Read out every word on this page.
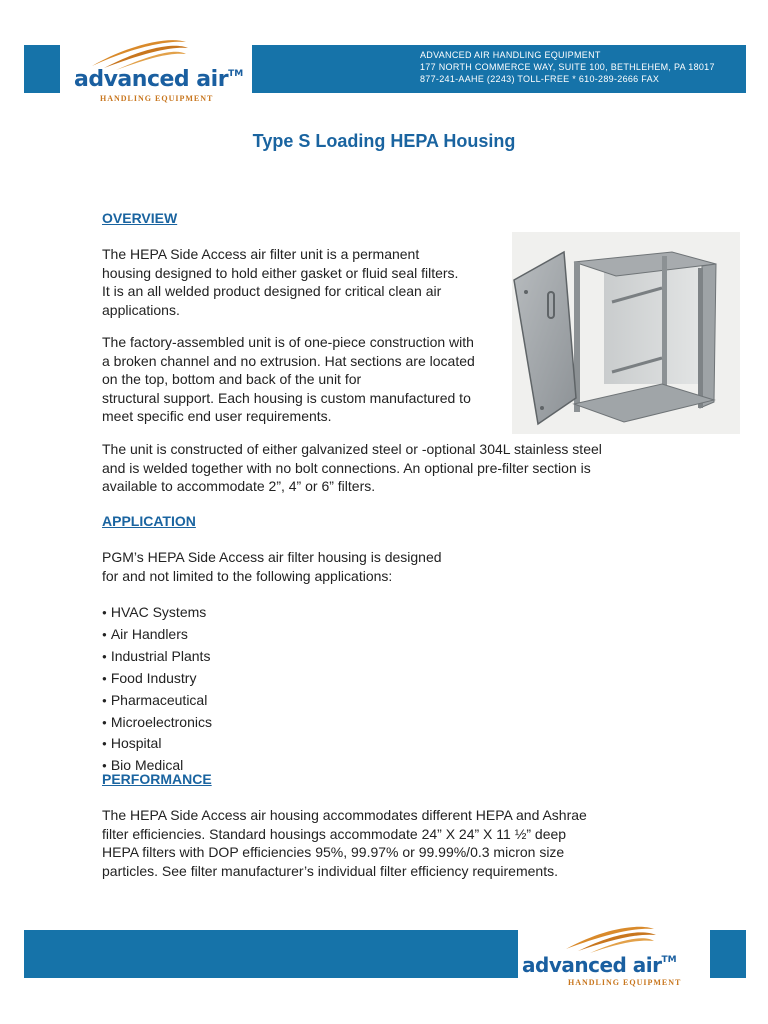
advanced air™
HANDLING EQUIPMENT
ADVANCED AIR HANDLING EQUIPMENT
177 NORTH COMMERCE WAY, SUITE 100, BETHLEHEM, PA 18017
877-241-AAHE (2243) TOLL-FREE * 610-289-2666 FAX
Type S Loading HEPA Housing
OVERVIEW

The HEPA Side Access air filter unit is a permanent
housing designed to hold either gasket or fluid seal filters.
It is an all welded product designed for critical clean air
applications.

The factory-assembled unit is of one-piece construction with
a broken channel and no extrusion. Hat sections are located
on the top, bottom and back of the unit for
structural support. Each housing is custom manufactured to
meet specific end user requirements.

The unit is constructed of either galvanized steel or -optional 304L stainless steel
and is welded together with no bolt connections. An optional pre-filter section is
available to accommodate 2”, 4” or 6” filters.

APPLICATION

PGM’s HEPA Side Access air filter housing is designed
for and not limited to the following applications:

● HVAC Systems
● Air Handlers
● Industrial Plants
● Food Industry
● Pharmaceutical
● Microelectronics
● Hospital
● Bio Medical
PERFORMANCE

The HEPA Side Access air housing accommodates different HEPA and Ashrae
filter efficiencies. Standard housings accommodate 24” X 24” X 11 ½” deep
HEPA filters with DOP efficiencies 95%, 99.97% or 99.99%/0.3 micron size
particles. See filter manufacturer’s individual filter efficiency requirements.

advanced air™
HANDLING EQUIPMENT
